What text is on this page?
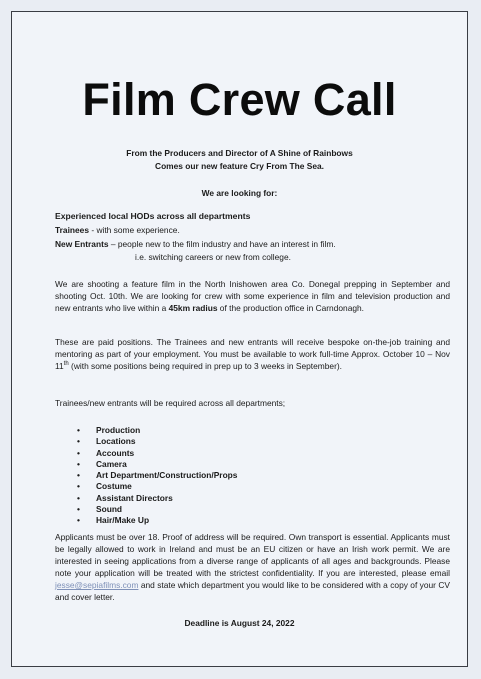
Film Crew Call
From the Producers and Director of A Shine of Rainbows
Comes our new feature Cry From The Sea.
We are looking for:
Experienced local HODs across all departments
Trainees - with some experience.
New Entrants – people new to the film industry and have an interest in film.
i.e. switching careers or new from college.
We are shooting a feature film in the North Inishowen area Co. Donegal prepping in September and shooting Oct. 10th. We are looking for crew with some experience in film and television production and new entrants who live within a 45km radius of the production office in Carndonagh.
These are paid positions. The Trainees and new entrants will receive bespoke on-the-job training and mentoring as part of your employment. You must be available to work full-time Approx. October 10 – Nov 11th (with some positions being required in prep up to 3 weeks in September).
Trainees/new entrants will be required across all departments;
• Production
• Locations
• Accounts
• Camera
• Art Department/Construction/Props
• Costume
• Assistant Directors
• Sound
• Hair/Make Up
Applicants must be over 18. Proof of address will be required. Own transport is essential. Applicants must be legally allowed to work in Ireland and must be an EU citizen or have an Irish work permit. We are interested in seeing applications from a diverse range of applicants of all ages and backgrounds. Please note your application will be treated with the strictest confidentiality. If you are interested, please email jesse@sepiafilms.com and state which department you would like to be considered with a copy of your CV and cover letter.
Deadline is August 24, 2022
